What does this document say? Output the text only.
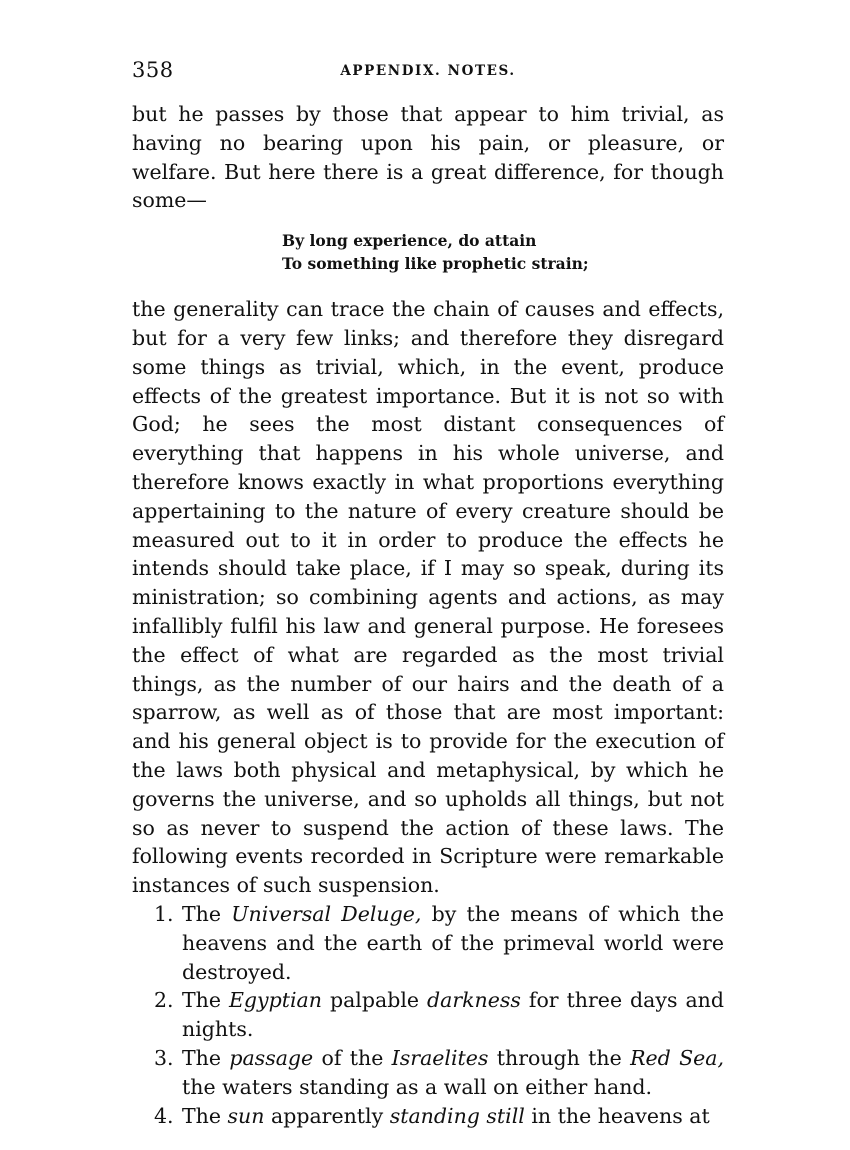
358	APPENDIX. NOTES.

but he passes by those that appear to him trivial, as having no bearing upon his pain, or pleasure, or welfare. But here there is a great difference, for though some—

By long experience, do attain
To something like prophetic strain;

the generality can trace the chain of causes and effects, but for a very few links; and therefore they disregard some things as trivial, which, in the event, produce effects of the greatest importance. But it is not so with God; he sees the most distant consequences of everything that happens in his whole universe, and therefore knows exactly in what proportions everything appertaining to the nature of every creature should be measured out to it in order to produce the effects he intends should take place, if I may so speak, during its ministration; so combining agents and actions, as may infallibly fulfil his law and general purpose. He foresees the effect of what are regarded as the most trivial things, as the number of our hairs and the death of a sparrow, as well as of those that are most important: and his general object is to provide for the execution of the laws both physical and metaphysical, by which he governs the universe, and so upholds all things, but not so as never to suspend the action of these laws. The following events recorded in Scripture were remarkable instances of such suspension.

1. The Universal Deluge, by the means of which the heavens and the earth of the primeval world were destroyed.
2. The Egyptian palpable darkness for three days and nights.
3. The passage of the Israelites through the Red Sea, the waters standing as a wall on either hand.
4. The sun apparently standing still in the heavens at
